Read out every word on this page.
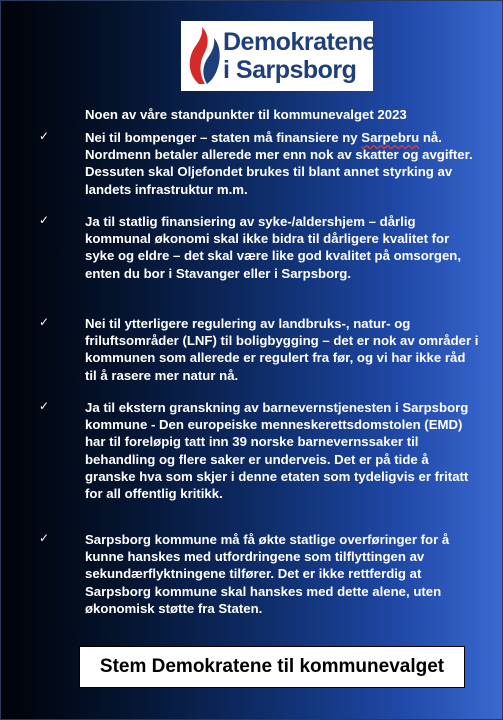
Demokratene
i Sarpsborg
Noen av våre standpunkter til kommunevalget 2023
✓	Nei til bompenger – staten må finansiere ny Sarpebru nå. Nordmenn betaler allerede mer enn nok av skatter og avgifter. Dessuten skal Oljefondet brukes til blant annet styrking av landets infrastruktur m.m.
✓	Ja til statlig finansiering av syke-/aldershjem – dårlig kommunal økonomi skal ikke bidra til dårligere kvalitet for syke og eldre – det skal være like god kvalitet på omsorgen, enten du bor i Stavanger eller i Sarpsborg.
✓	Nei til ytterligere regulering av landbruks-, natur- og friluftsområder (LNF) til boligbygging – det er nok av områder i kommunen som allerede er regulert fra før, og vi har ikke råd til å rasere mer natur nå.
✓	Ja til ekstern granskning av barnevernstjenesten i Sarpsborg kommune - Den europeiske menneskerettsdomstolen (EMD) har til foreløpig tatt inn 39 norske barnevernssaker til behandling og flere saker er underveis. Det er på tide å granske hva som skjer i denne etaten som tydeligvis er fritatt for all offentlig kritikk.
✓	Sarpsborg kommune må få økte statlige overføringer for å kunne hanskes med utfordringene som tilflyttingen av sekundærflyktningene tilfører. Det er ikke rettferdig at Sarpsborg kommune skal hanskes med dette alene, uten økonomisk støtte fra Staten.
Stem Demokratene til kommunevalget
